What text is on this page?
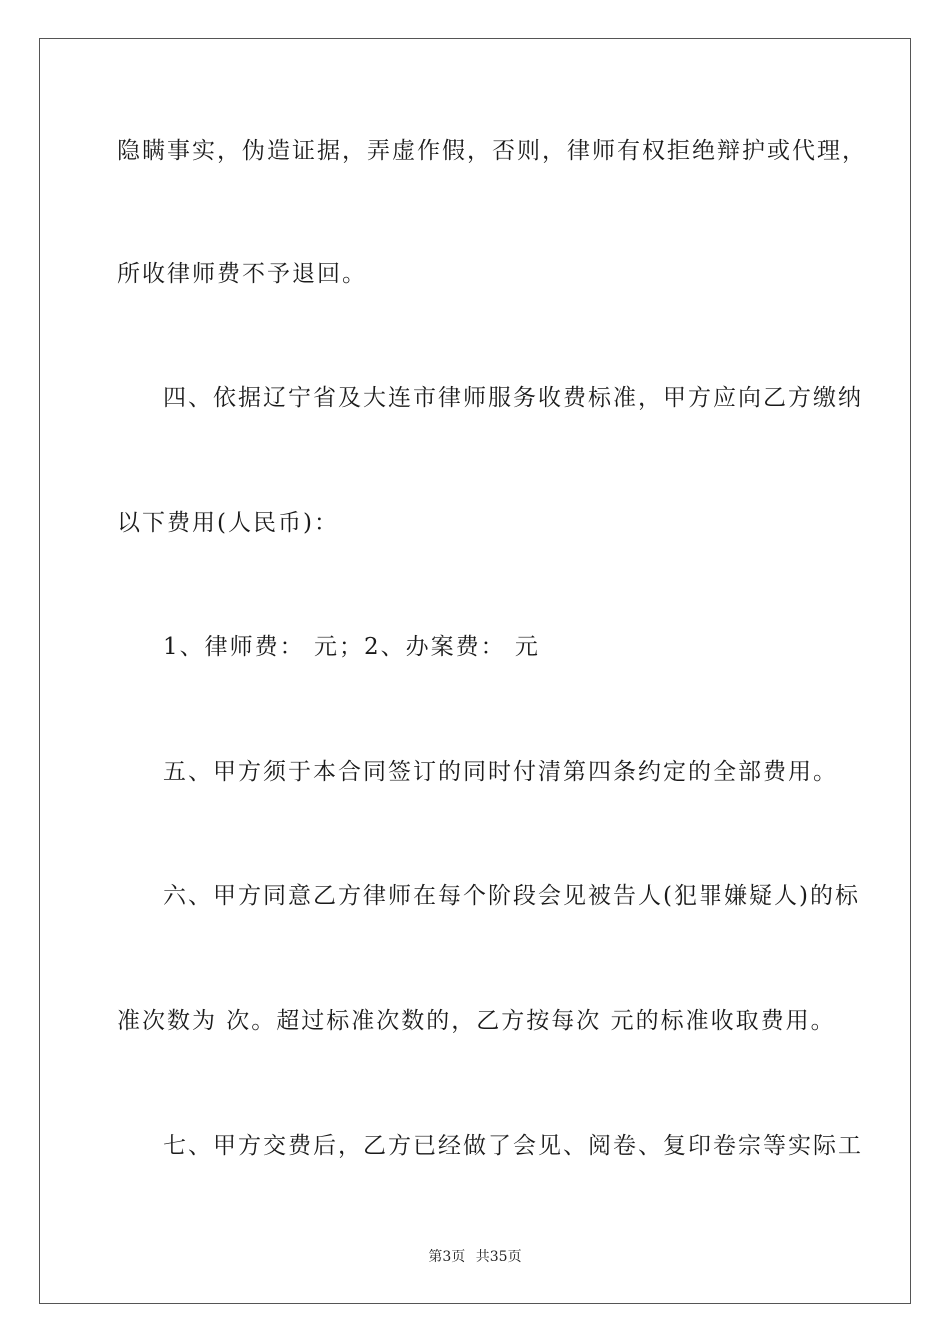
隐瞒事实，伪造证据，弄虚作假，否则，律师有权拒绝辩护或代理，
所收律师费不予退回。
四、依据辽宁省及大连市律师服务收费标准，甲方应向乙方缴纳
以下费用(人民币)：
1、律师费： 元；2、办案费： 元
五、甲方须于本合同签订的同时付清第四条约定的全部费用。
六、甲方同意乙方律师在每个阶段会见被告人(犯罪嫌疑人)的标
准次数为 次。超过标准次数的，乙方按每次 元的标准收取费用。
七、甲方交费后，乙方已经做了会见、阅卷、复印卷宗等实际工
第3页 共35页
